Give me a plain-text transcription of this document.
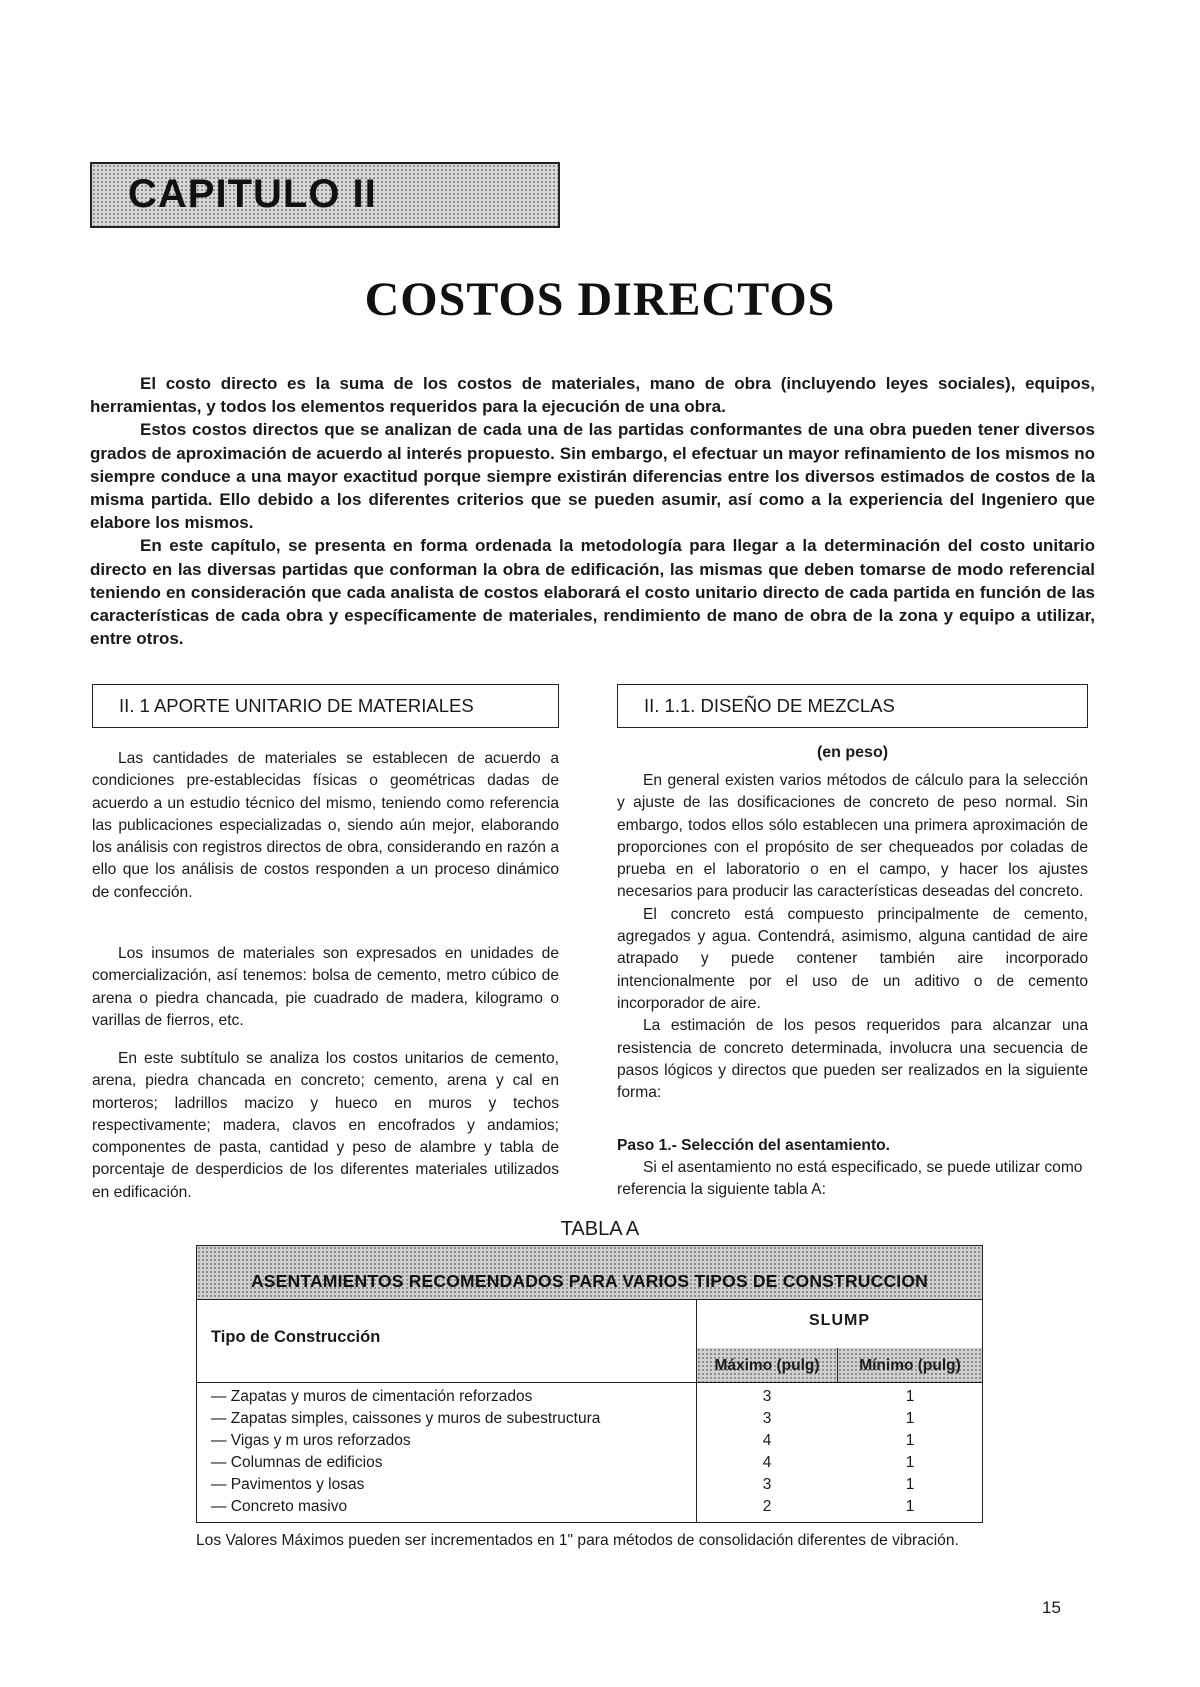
CAPITULO II
COSTOS DIRECTOS

El costo directo es la suma de los costos de materiales, mano de obra (incluyendo leyes sociales), equipos, herramientas, y todos los elementos requeridos para la ejecución de una obra.

Estos costos directos que se analizan de cada una de las partidas conformantes de una obra pueden tener diversos grados de aproximación de acuerdo al interés propuesto. Sin embargo, el efectuar un mayor refinamiento de los mismos no siempre conduce a una mayor exactitud porque siempre existirán diferencias entre los diversos estimados de costos de la misma partida. Ello debido a los diferentes criterios que se pueden asumir, así como a la experiencia del Ingeniero que elabore los mismos.

En este capítulo, se presenta en forma ordenada la metodología para llegar a la determinación del costo unitario directo en las diversas partidas que conforman la obra de edificación, las mismas que deben tomarse de modo referencial teniendo en consideración que cada analista de costos elaborará el costo unitario directo de cada partida en función de las características de cada obra y específicamente de materiales, rendimiento de mano de obra de la zona y equipo a utilizar, entre otros.

II. 1 APORTE UNITARIO DE MATERIALES	II. 1.1. DISEÑO DE MEZCLAS

Las cantidades de materiales se establecen de acuerdo a condiciones pre-establecidas físicas o geométricas dadas de acuerdo a un estudio técnico del mismo, teniendo como referencia las publicaciones especializadas o, siendo aún mejor, elaborando los análisis con registros directos de obra, considerando en razón a ello que los análisis de costos responden a un proceso dinámico de confección.

Los insumos de materiales son expresados en unidades de comercialización, así tenemos: bolsa de cemento, metro cúbico de arena o piedra chancada, pie cuadrado de madera, kilogramo o varillas de fierros, etc.

En este subtítulo se analiza los costos unitarios de cemento, arena, piedra chancada en concreto; cemento, arena y cal en morteros; ladrillos macizo y hueco en muros y techos respectivamente; madera, clavos en encofrados y andamios; componentes de pasta, cantidad y peso de alambre y tabla de porcentaje de desperdicios de los diferentes materiales utilizados en edificación.

(en peso)

En general existen varios métodos de cálculo para la selección y ajuste de las dosificaciones de concreto de peso normal. Sin embargo, todos ellos sólo establecen una primera aproximación de proporciones con el propósito de ser chequeados por coladas de prueba en el laboratorio o en el campo, y hacer los ajustes necesarios para producir las características deseadas del concreto.

El concreto está compuesto principalmente de cemento, agregados y agua. Contendrá, asimismo, alguna cantidad de aire atrapado y puede contener también aire incorporado intencionalmente por el uso de un aditivo o de cemento incorporador de aire.

La estimación de los pesos requeridos para alcanzar una resistencia de concreto determinada, involucra una secuencia de pasos lógicos y directos que pueden ser realizados en la siguiente forma:

Paso 1.- Selección del asentamiento.

Si el asentamiento no está especificado, se puede utilizar como referencia la siguiente tabla A:

TABLA A
ASENTAMIENTOS RECOMENDADOS PARA VARIOS TIPOS DE CONSTRUCCION
Tipo de Construcción
SLUMP
Máximo (pulg)	Mínimo (pulg)
— Zapatas y muros de cimentación reforzados	3	1
— Zapatas simples, caissones y muros de subestructura	3	1
— Vigas y m uros reforzados	4	1
— Columnas de edificios	4	1
— Pavimentos y losas	3	1
— Concreto masivo	2	1
Los Valores Máximos pueden ser incrementados en 1" para métodos de consolidación diferentes de vibración.
15
